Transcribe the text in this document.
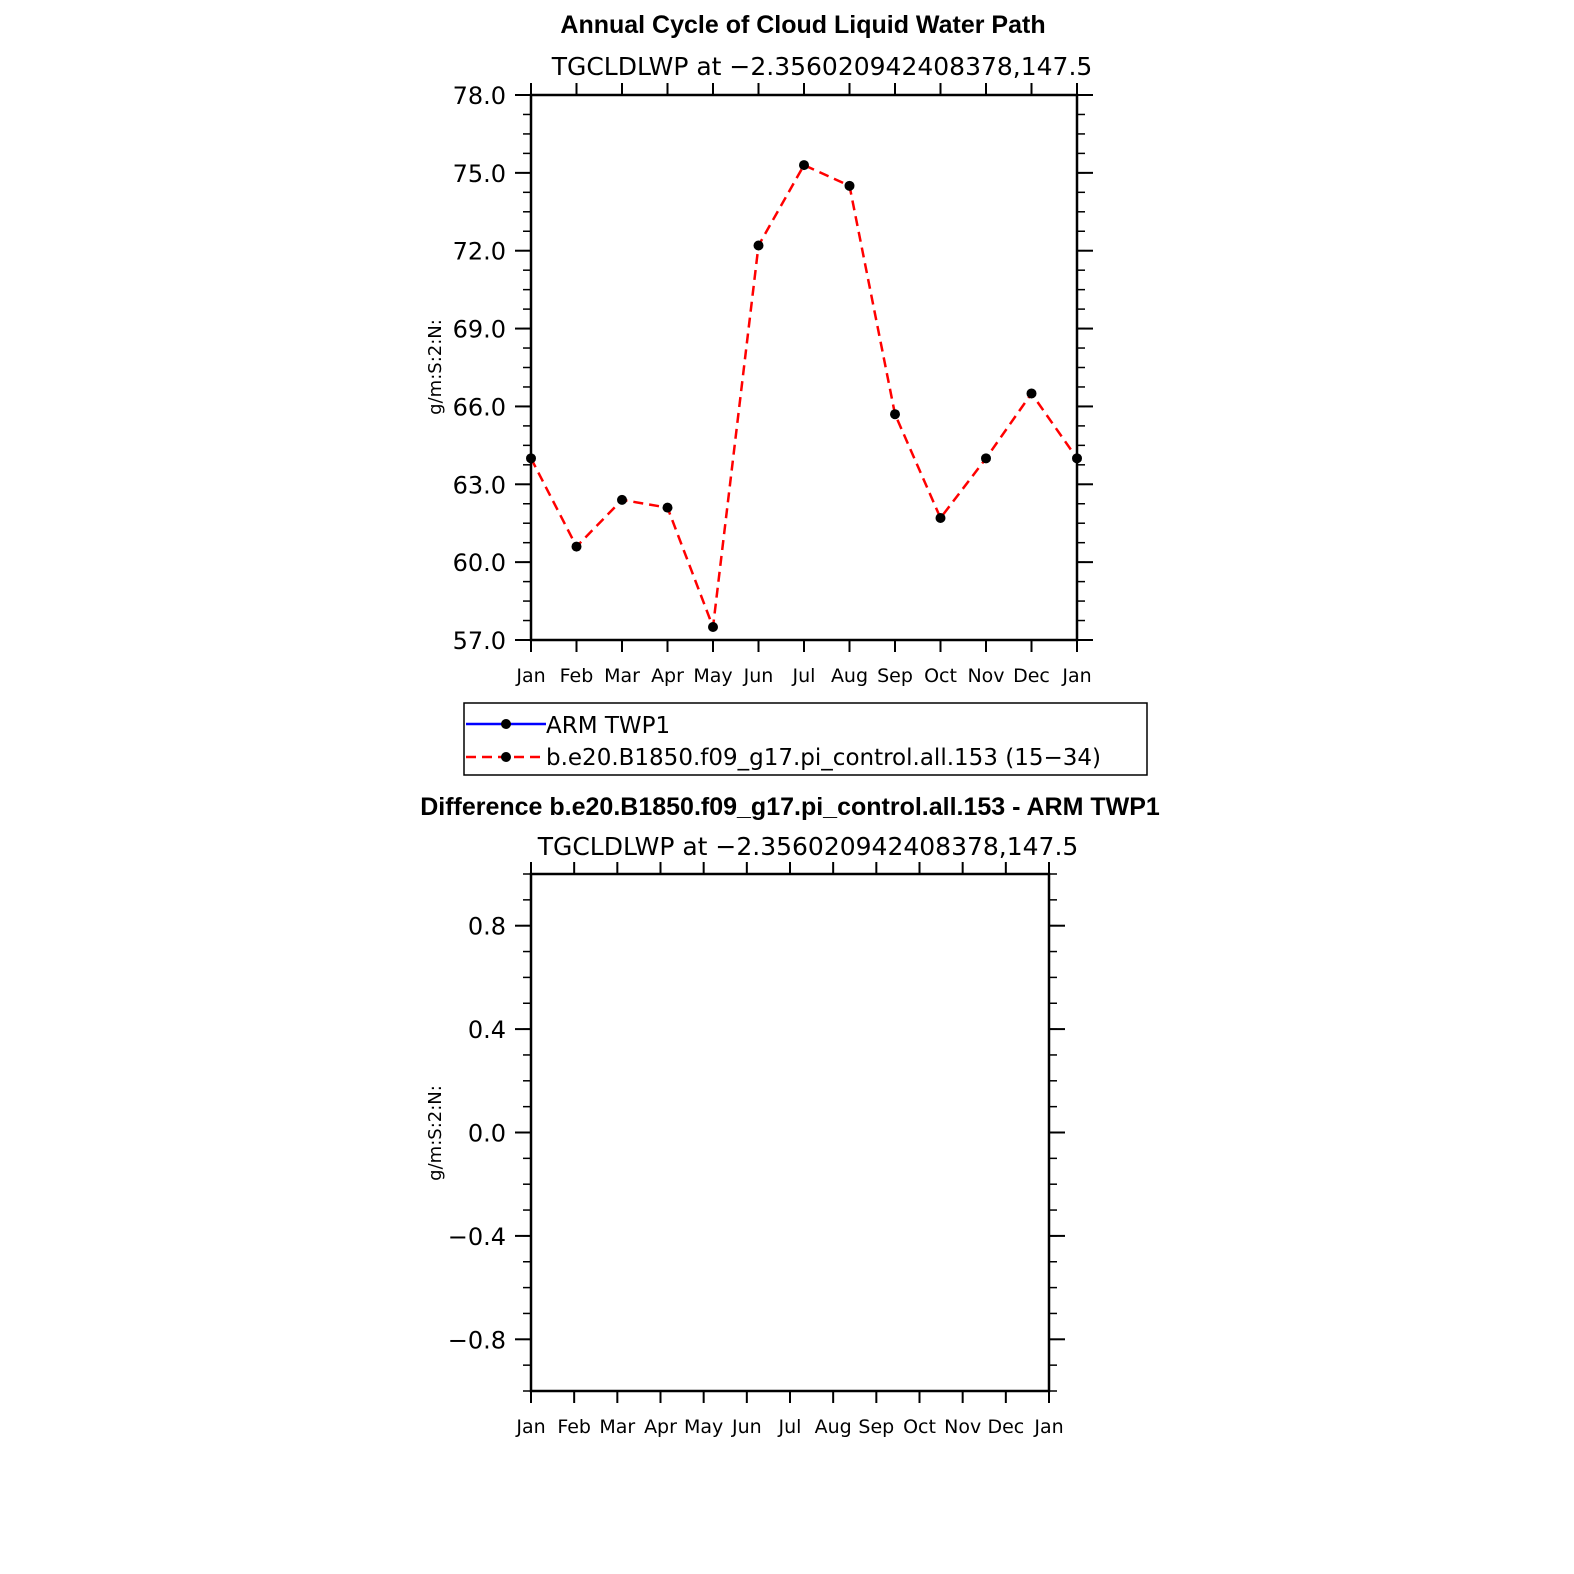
Annual Cycle of Cloud Liquid Water Path
TGCLDLWP at −2.356020942408378,147.5
g/m:S:2:N:
Jan Feb Mar Apr May Jun Jul Aug Sep Oct Nov Dec Jan
78.0
75.0
72.0
69.0
66.0
63.0
60.0
57.0
ARM TWP1
b.e20.B1850.f09_g17.pi_control.all.153 (15−34)
Difference b.e20.B1850.f09_g17.pi_control.all.153 - ARM TWP1
TGCLDLWP at −2.356020942408378,147.5
g/m:S:2:N:
Jan Feb Mar Apr May Jun Jul Aug Sep Oct Nov Dec Jan
0.8
0.4
0.0
−0.4
−0.8
